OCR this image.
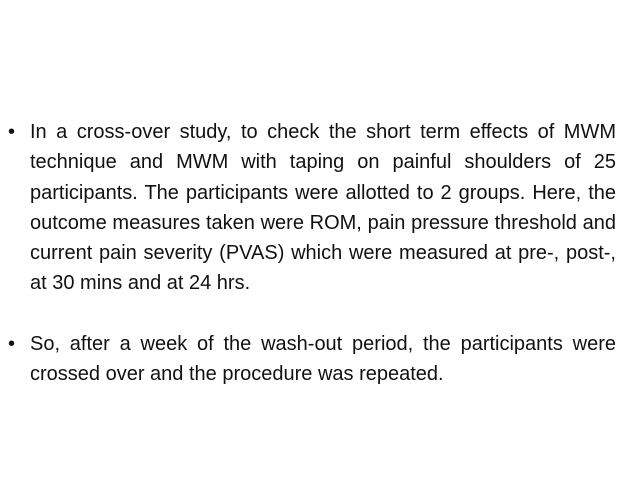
• In a cross-over study, to check the short term effects of MWM technique and MWM with taping on painful shoulders of 25 participants. The participants were allotted to 2 groups. Here, the outcome measures taken were ROM, pain pressure threshold and current pain severity (PVAS) which were measured at pre-, post-, at 30 mins and at 24 hrs.
• So, after a week of the wash-out period, the participants were crossed over and the procedure was repeated.
